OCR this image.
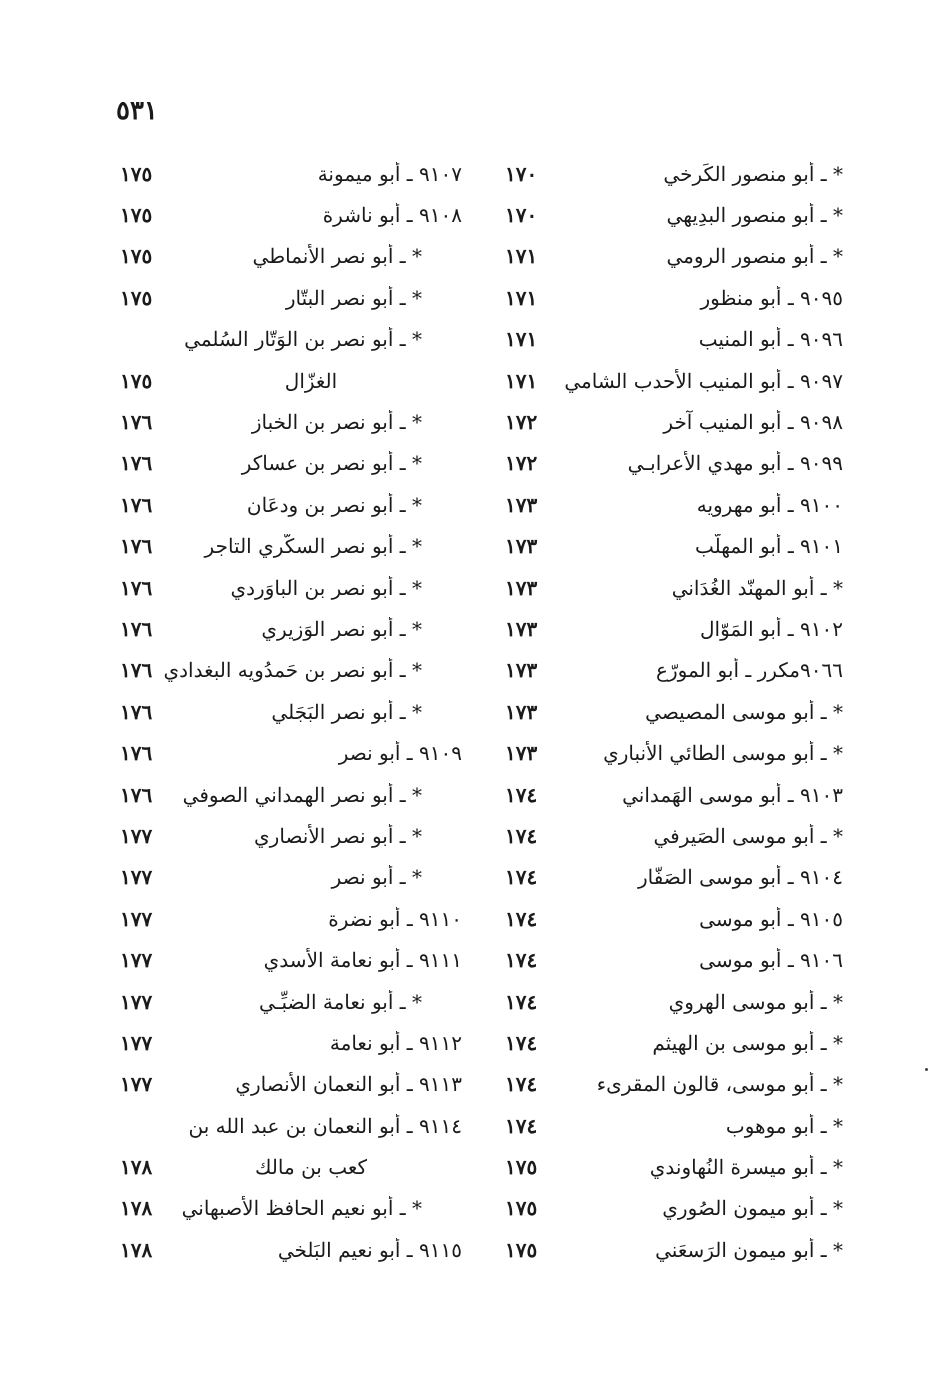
٥٣١
* ـ أبو منصور الكَرخي
١٧٠
* ـ أبو منصور البدِيهي
١٧٠
* ـ أبو منصور الرومي
١٧١
٩٠٩٥ ـ أبو منظور
١٧١
٩٠٩٦ ـ أبو المنيب
١٧١
٩٠٩٧ ـ أبو المنيب الأحدب الشامي
١٧١
٩٠٩٨ ـ أبو المنيب آخر
١٧٢
٩٠٩٩ ـ أبو مهدي الأعرابـي
١٧٢
٩١٠٠ ـ أبو مهرويه
١٧٣
٩١٠١ ـ أبو المهلّب
١٧٣
* ـ أبو المهنّد الغُدَاني
١٧٣
٩١٠٢ ـ أبو المَوّال
١٧٣
٩٠٦٦مكرر ـ أبو المورّع
١٧٣
* ـ أبو موسى المصيصي
١٧٣
* ـ أبو موسى الطائي الأنباري
١٧٣
٩١٠٣ ـ أبو موسى الهَمداني
١٧٤
* ـ أبو موسى الصَيرفي
١٧٤
٩١٠٤ ـ أبو موسى الصَفّار
١٧٤
٩١٠٥ ـ أبو موسى
١٧٤
٩١٠٦ ـ أبو موسى
١٧٤
* ـ أبو موسى الهروي
١٧٤
* ـ أبو موسى بن الهيثم
١٧٤
* ـ أبو موسى، قالون المقرىء
١٧٤
* ـ أبو موهوب
١٧٤
* ـ أبو ميسرة النُهاوندي
١٧٥
* ـ أبو ميمون الصُوري
١٧٥
* ـ أبو ميمون الرَسعَني
١٧٥
٩١٠٧ ـ أبو ميمونة
١٧٥
٩١٠٨ ـ أبو ناشرة
١٧٥
* ـ أبو نصر الأنماطي
١٧٥
* ـ أبو نصر البتّار
١٧٥
* ـ أبو نصر بن الوَتّار السُلمي
الغزّال
١٧٥
* ـ أبو نصر بن الخباز
١٧٦
* ـ أبو نصر بن عساكر
١٧٦
* ـ أبو نصر بن ودعَان
١٧٦
* ـ أبو نصر السكّري التاجر
١٧٦
* ـ أبو نصر بن الباوَردي
١٧٦
* ـ أبو نصر الوَزيري
١٧٦
* ـ أبو نصر بن حَمدُويه البغدادي
١٧٦
* ـ أبو نصر البَجَلي
١٧٦
٩١٠٩ ـ أبو نصر
١٧٦
* ـ أبو نصر الهمداني الصوفي
١٧٦
* ـ أبو نصر الأنصاري
١٧٧
* ـ أبو نصر
١٧٧
٩١١٠ ـ أبو نضرة
١٧٧
٩١١١ ـ أبو نعامة الأسدي
١٧٧
* ـ أبو نعامة الضبِّـي
١٧٧
٩١١٢ ـ أبو نعامة
١٧٧
٩١١٣ ـ أبو النعمان الأنصاري
١٧٧
٩١١٤ ـ أبو النعمان بن عبد الله بن
كعب بن مالك
١٧٨
* ـ أبو نعيم الحافظ الأصبهاني
١٧٨
٩١١٥ ـ أبو نعيم البَلخي
١٧٨
